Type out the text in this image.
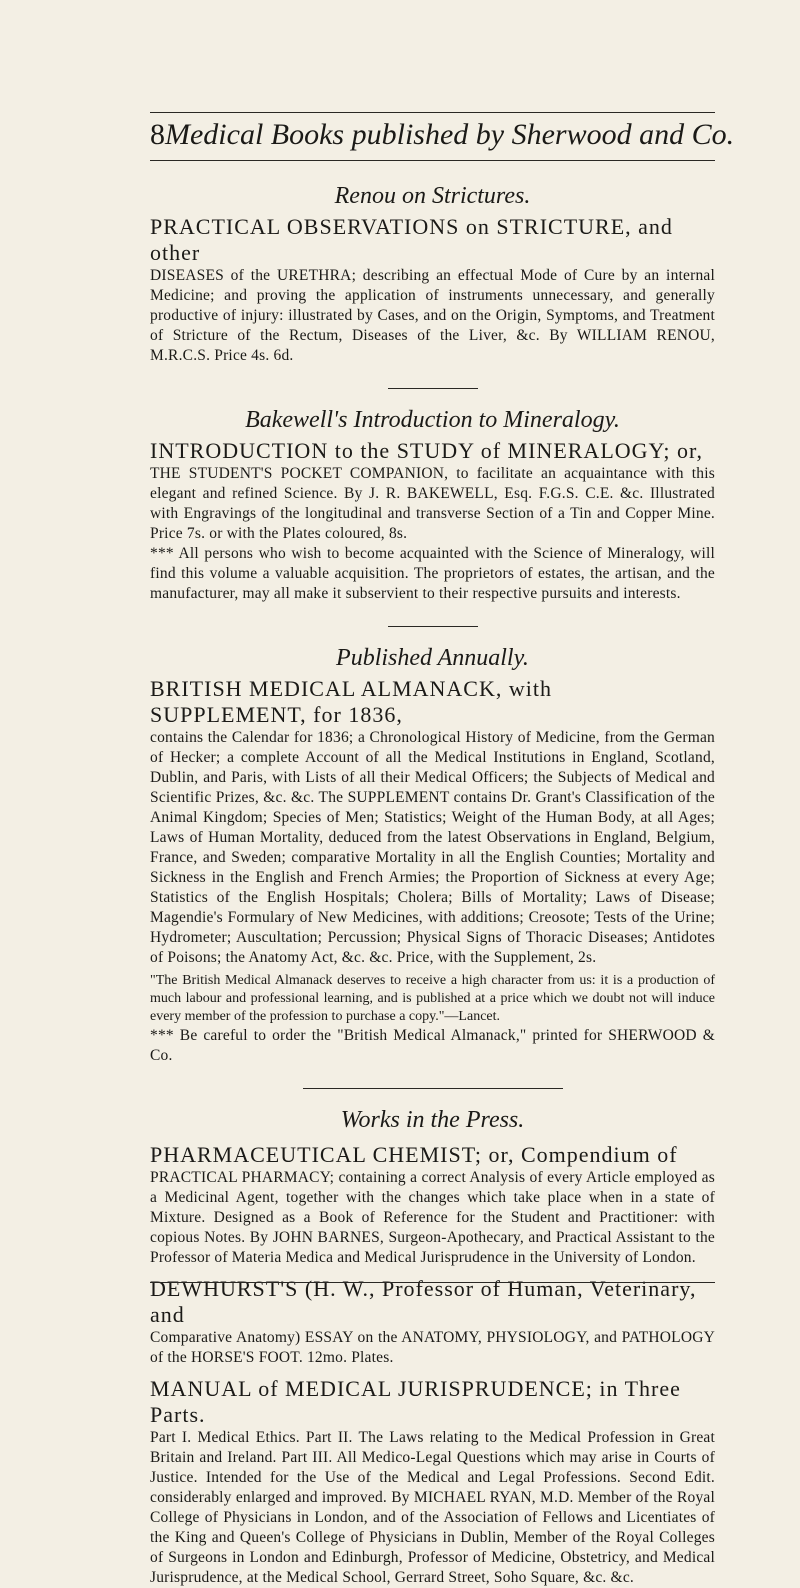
8 Medical Books published by Sherwood and Co.
Renou on Strictures.

PRACTICAL OBSERVATIONS on STRICTURE, and other

DISEASES of the URETHRA; describing an effectual Mode of Cure by an internal Medicine; and proving the application of instruments unnecessary, and generally productive of injury: illustrated by Cases, and on the Origin, Symptoms, and Treatment of Stricture of the Rectum, Diseases of the Liver, &c. By WILLIAM RENOU, M.R.C.S. Price 4s. 6d.

Bakewell's Introduction to Mineralogy.

INTRODUCTION to the STUDY of MINERALOGY; or,

THE STUDENT'S POCKET COMPANION, to facilitate an acquaintance with this elegant and refined Science. By J. R. BAKEWELL, Esq. F.G.S. C.E. &c. Illustrated with Engravings of the longitudinal and transverse Section of a Tin and Copper Mine. Price 7s. or with the Plates coloured, 8s.

*** All persons who wish to become acquainted with the Science of Mineralogy, will find this volume a valuable acquisition. The proprietors of estates, the artisan, and the manufacturer, may all make it subservient to their respective pursuits and interests.

Published Annually.

BRITISH MEDICAL ALMANACK, with SUPPLEMENT, for 1836,

contains the Calendar for 1836; a Chronological History of Medicine, from the German of Hecker; a complete Account of all the Medical Institutions in England, Scotland, Dublin, and Paris, with Lists of all their Medical Officers; the Subjects of Medical and Scientific Prizes, &c. &c. The SUPPLEMENT contains Dr. Grant's Classification of the Animal Kingdom; Species of Men; Statistics; Weight of the Human Body, at all Ages; Laws of Human Mortality, deduced from the latest Observations in England, Belgium, France, and Sweden; comparative Mortality in all the English Counties; Mortality and Sickness in the English and French Armies; the Proportion of Sickness at every Age; Statistics of the English Hospitals; Cholera; Bills of Mortality; Laws of Disease; Magendie's Formulary of New Medicines, with additions; Creosote; Tests of the Urine; Hydrometer; Auscultation; Percussion; Physical Signs of Thoracic Diseases; Antidotes of Poisons; the Anatomy Act, &c. &c. Price, with the Supplement, 2s.

"The British Medical Almanack deserves to receive a high character from us: it is a production of much labour and professional learning, and is published at a price which we doubt not will induce every member of the profession to purchase a copy."—Lancet.

*** Be careful to order the "British Medical Almanack," printed for SHERWOOD & Co.

Works in the Press.

PHARMACEUTICAL CHEMIST; or, Compendium of

PRACTICAL PHARMACY; containing a correct Analysis of every Article employed as a Medicinal Agent, together with the changes which take place when in a state of Mixture. Designed as a Book of Reference for the Student and Practitioner: with copious Notes. By JOHN BARNES, Surgeon-Apothecary, and Practical Assistant to the Professor of Materia Medica and Medical Jurisprudence in the University of London.

DEWHURST'S (H. W., Professor of Human, Veterinary, and

Comparative Anatomy) ESSAY on the ANATOMY, PHYSIOLOGY, and PATHOLOGY of the HORSE'S FOOT. 12mo. Plates.

MANUAL of MEDICAL JURISPRUDENCE; in Three Parts.

Part I. Medical Ethics. Part II. The Laws relating to the Medical Profession in Great Britain and Ireland. Part III. All Medico-Legal Questions which may arise in Courts of Justice. Intended for the Use of the Medical and Legal Professions. Second Edit. considerably enlarged and improved. By MICHAEL RYAN, M.D. Member of the Royal College of Physicians in London, and of the Association of Fellows and Licentiates of the King and Queen's College of Physicians in Dublin, Member of the Royal Colleges of Surgeons in London and Edinburgh, Professor of Medicine, Obstetricy, and Medical Jurisprudence, at the Medical School, Gerrard Street, Soho Square, &c. &c.
